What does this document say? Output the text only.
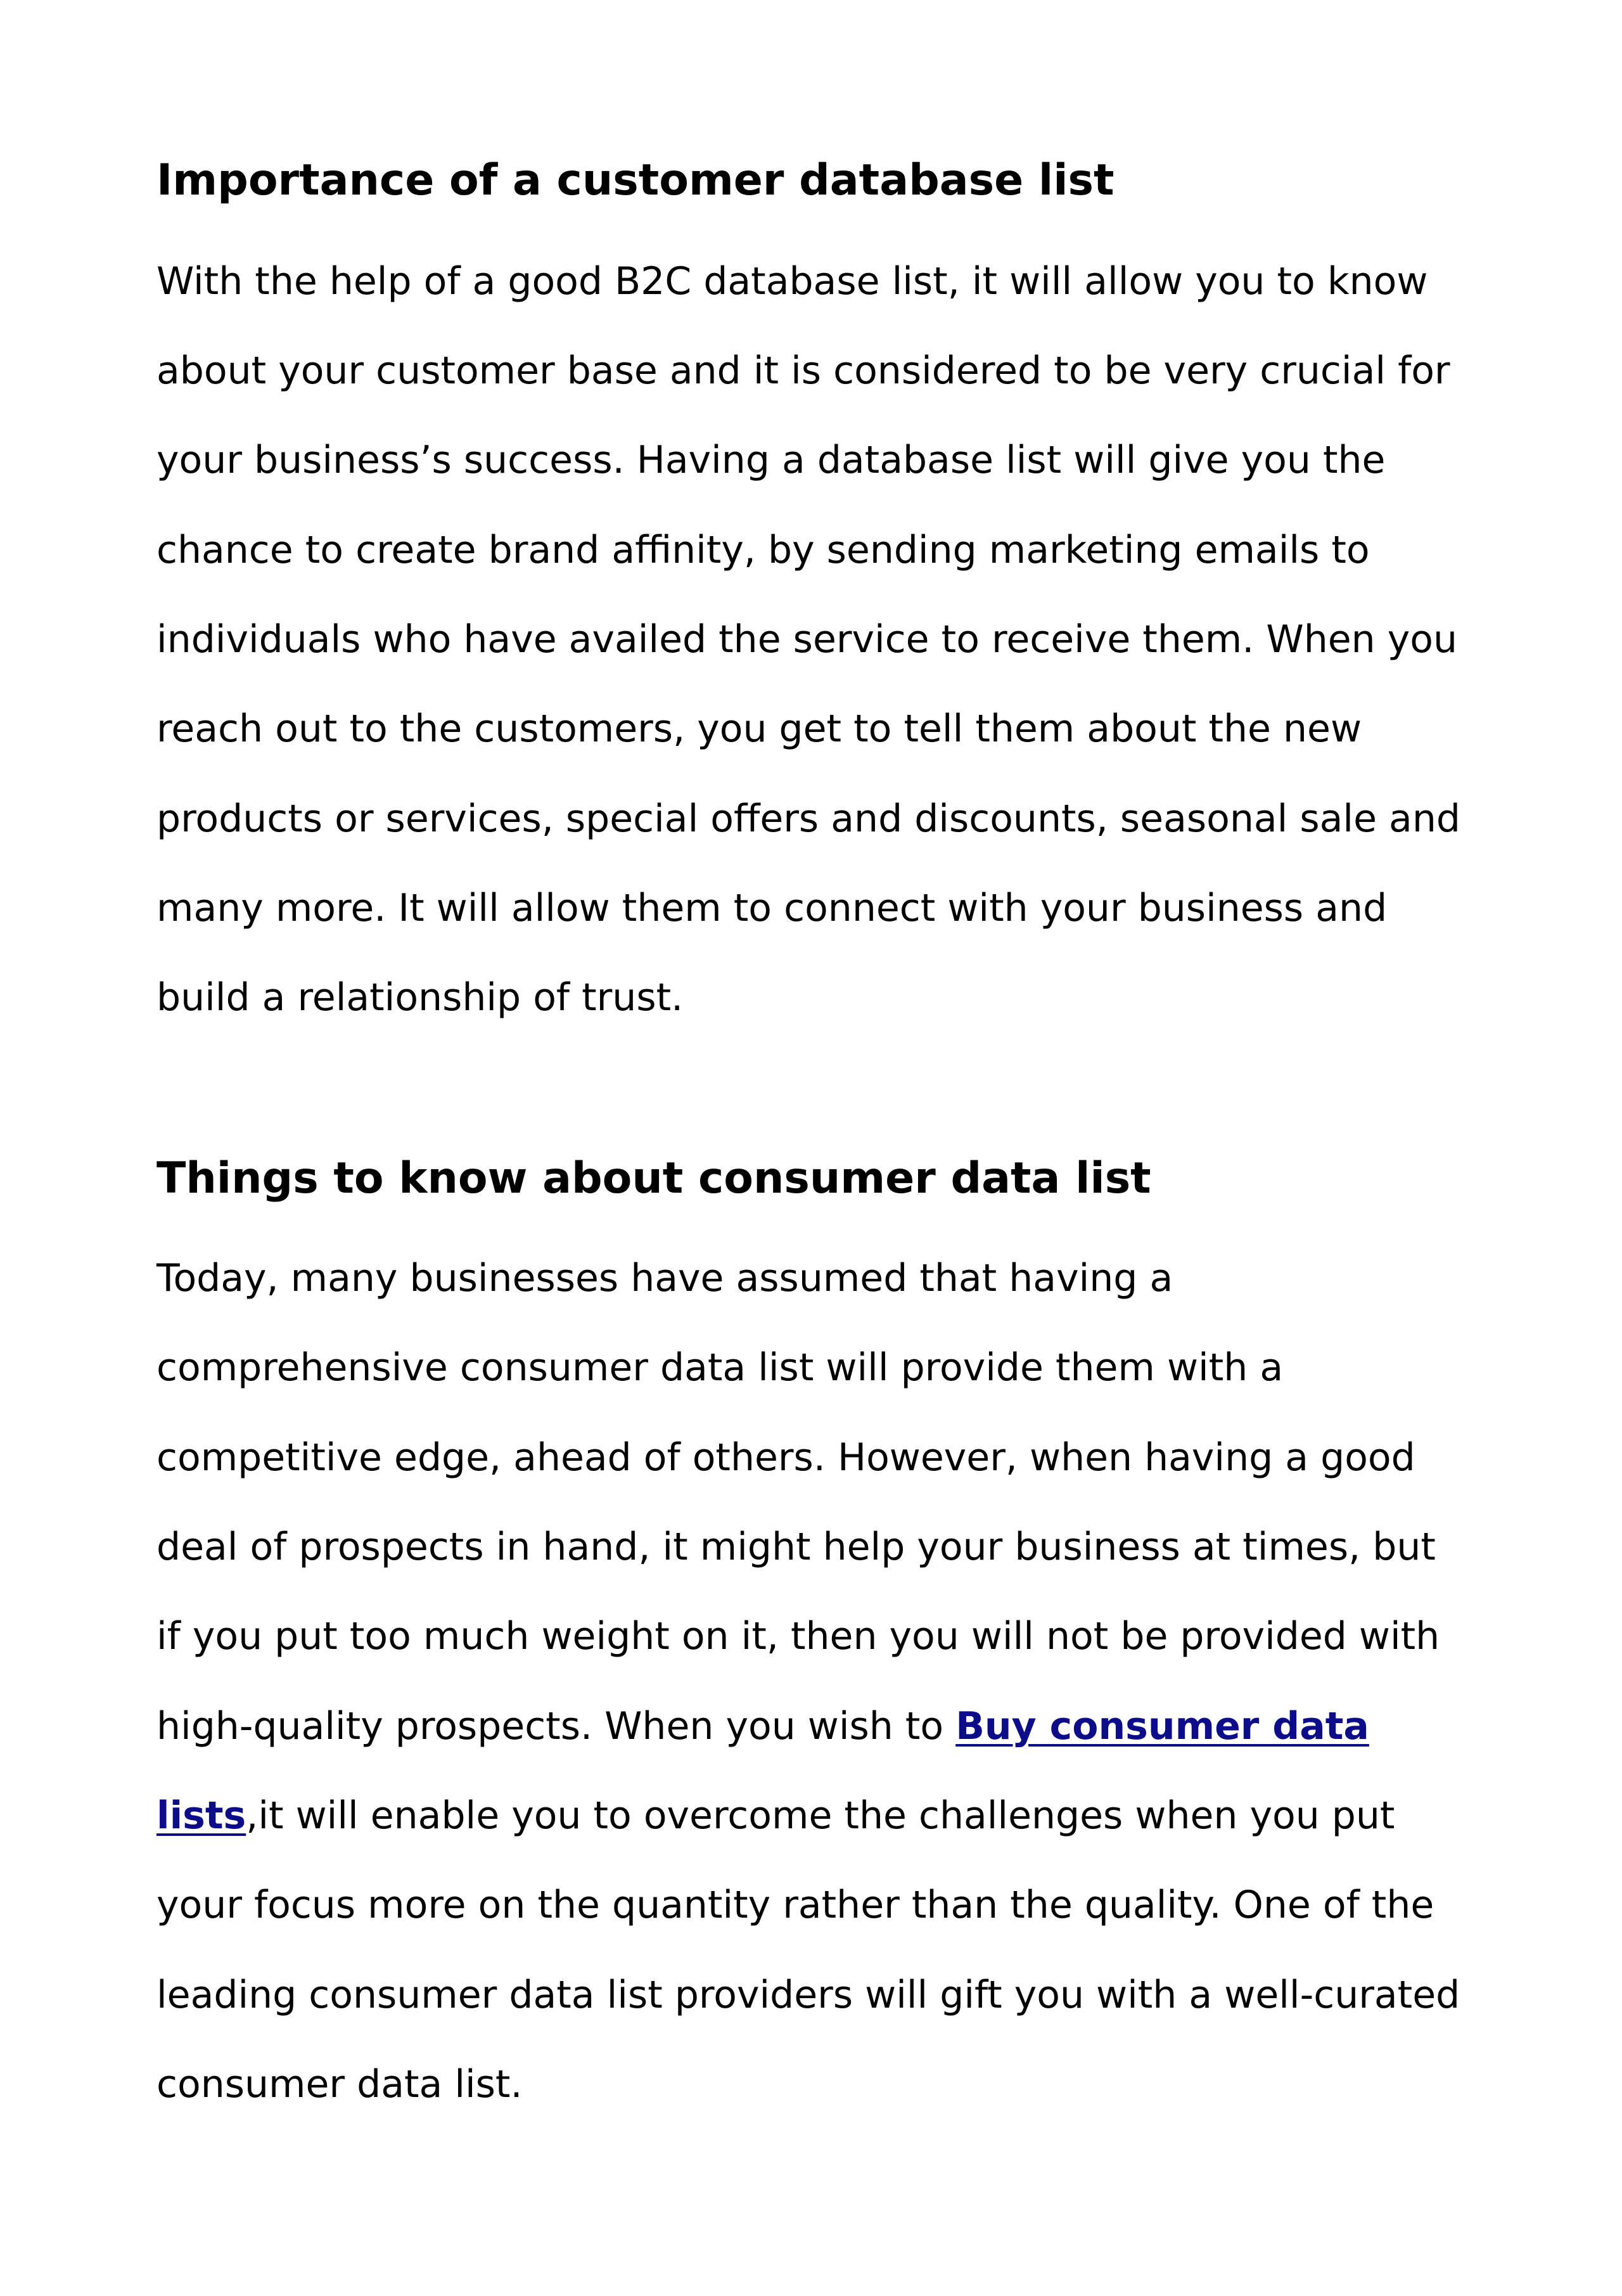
Importance of a customer database list
With the help of a good B2C database list, it will allow you to know
about your customer base and it is considered to be very crucial for
your business’s success. Having a database list will give you the
chance to create brand affinity, by sending marketing emails to
individuals who have availed the service to receive them. When you
reach out to the customers, you get to tell them about the new
products or services, special offers and discounts, seasonal sale and
many more. It will allow them to connect with your business and
build a relationship of trust.
Things to know about consumer data list
Today, many businesses have assumed that having a
comprehensive consumer data list will provide them with a
competitive edge, ahead of others. However, when having a good
deal of prospects in hand, it might help your business at times, but
if you put too much weight on it, then you will not be provided with
high-quality prospects. When you wish to Buy consumer data
lists,it will enable you to overcome the challenges when you put
your focus more on the quantity rather than the quality. One of the
leading consumer data list providers will gift you with a well-curated
consumer data list.
